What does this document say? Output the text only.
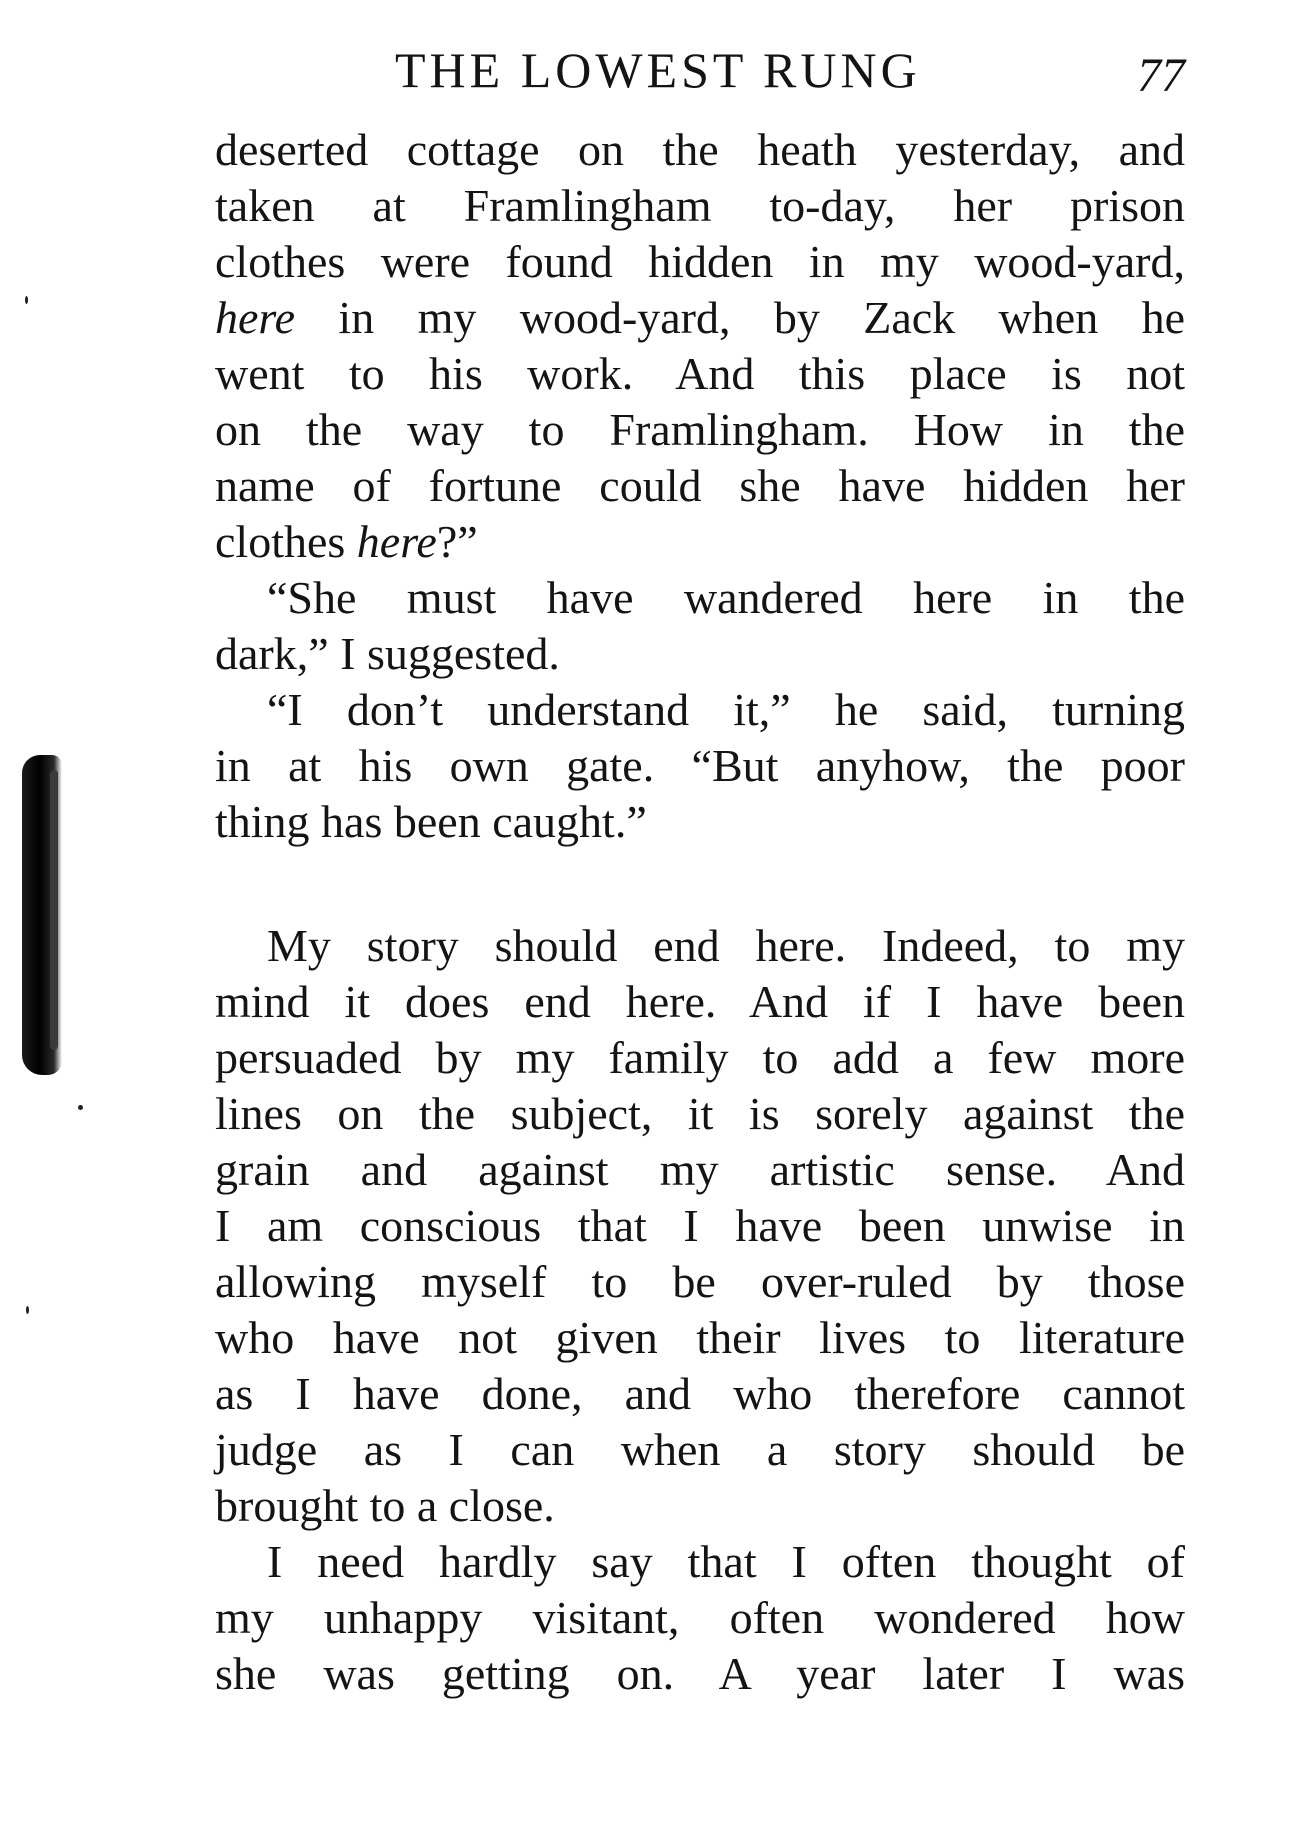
THE LOWEST RUNG	77
deserted cottage on the heath yesterday, and
taken at Framlingham to-day, her prison
clothes were found hidden in my wood-yard,
here in my wood-yard, by Zack when he
went to his work. And this place is not
on the way to Framlingham. How in the
name of fortune could she have hidden her
clothes here?”
“She must have wandered here in the
dark,” I suggested.
“I don’t understand it,” he said, turning
in at his own gate. “But anyhow, the poor
thing has been caught.”
My story should end here. Indeed, to my
mind it does end here. And if I have been
persuaded by my family to add a few more
lines on the subject, it is sorely against the
grain and against my artistic sense. And
I am conscious that I have been unwise in
allowing myself to be over-ruled by those
who have not given their lives to literature
as I have done, and who therefore cannot
judge as I can when a story should be
brought to a close.
I need hardly say that I often thought of
my unhappy visitant, often wondered how
she was getting on. A year later I was
